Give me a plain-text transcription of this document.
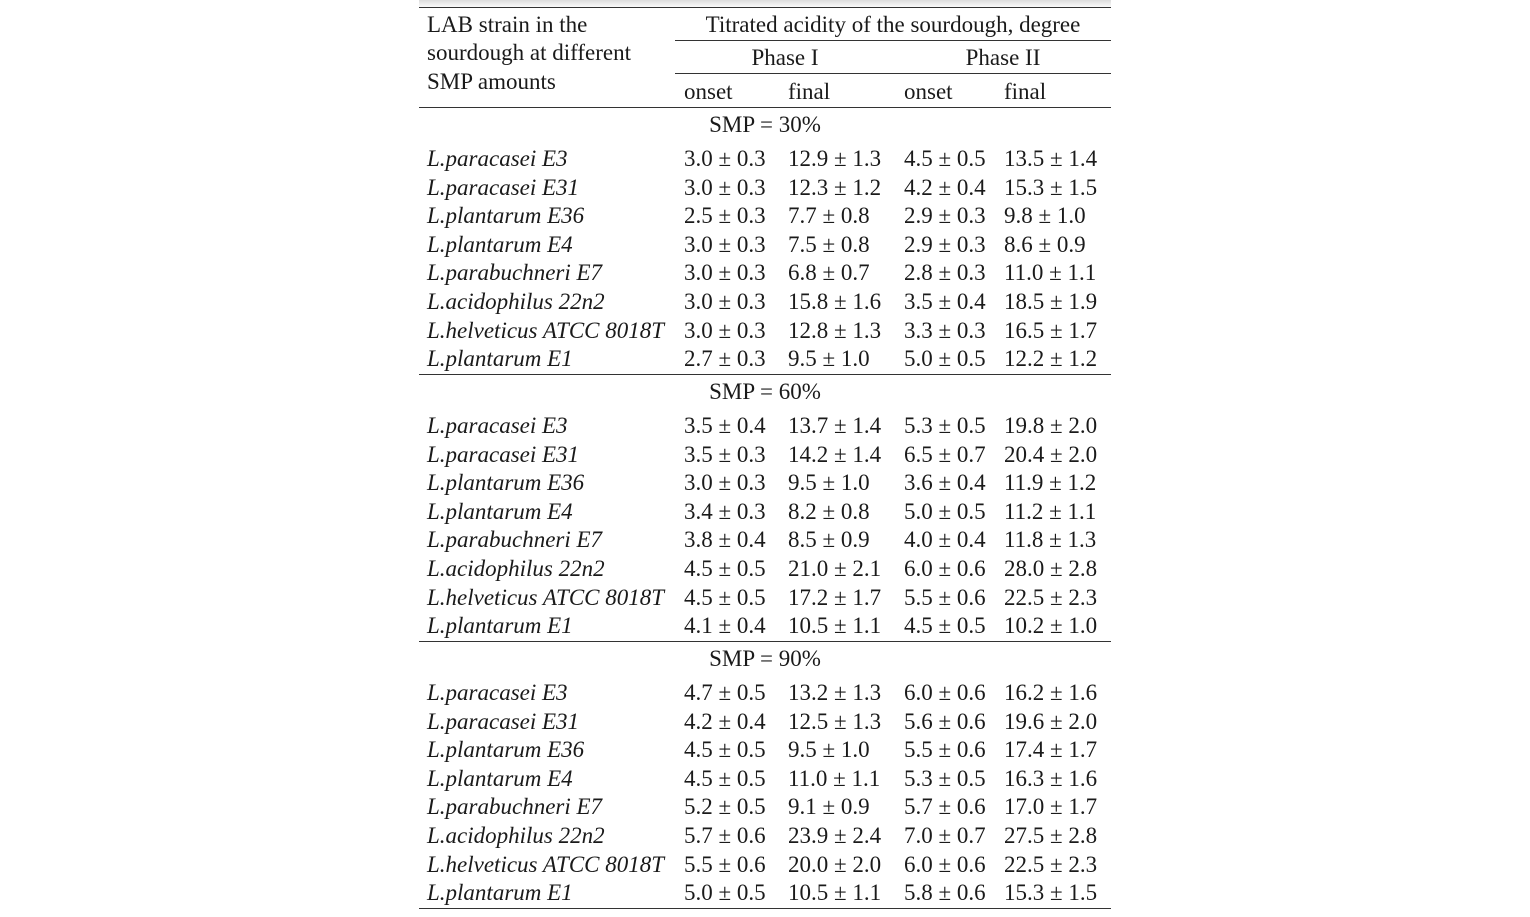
LAB strain in the
sourdough at different
SMP amounts
Titrated acidity of the sourdough, degree
Phase I	Phase II
onset final	onset final
SMP = 30%
L.paracasei E3	3.0 ± 0.3 12.9 ± 1.3 4.5 ± 0.5 13.5 ± 1.4
L.paracasei E31	3.0 ± 0.3 12.3 ± 1.2 4.2 ± 0.4 15.3 ± 1.5
L.plantarum E36	2.5 ± 0.3 7.7 ± 0.8 2.9 ± 0.3 9.8 ± 1.0
L.plantarum E4	3.0 ± 0.3 7.5 ± 0.8 2.9 ± 0.3 8.6 ± 0.9
L.parabuchneri E7	3.0 ± 0.3 6.8 ± 0.7 2.8 ± 0.3 11.0 ± 1.1
L.acidophilus 22n2	3.0 ± 0.3 15.8 ± 1.6 3.5 ± 0.4 18.5 ± 1.9
L.helveticus ATCC 8018T 3.0 ± 0.3 12.8 ± 1.3 3.3 ± 0.3 16.5 ± 1.7
L.plantarum E1	2.7 ± 0.3 9.5 ± 1.0 5.0 ± 0.5 12.2 ± 1.2
SMP = 60%
L.paracasei E3	3.5 ± 0.4 13.7 ± 1.4 5.3 ± 0.5 19.8 ± 2.0
L.paracasei E31	3.5 ± 0.3 14.2 ± 1.4 6.5 ± 0.7 20.4 ± 2.0
L.plantarum E36	3.0 ± 0.3 9.5 ± 1.0 3.6 ± 0.4 11.9 ± 1.2
L.plantarum E4	3.4 ± 0.3 8.2 ± 0.8 5.0 ± 0.5 11.2 ± 1.1
L.parabuchneri E7	3.8 ± 0.4 8.5 ± 0.9 4.0 ± 0.4 11.8 ± 1.3
L.acidophilus 22n2	4.5 ± 0.5 21.0 ± 2.1 6.0 ± 0.6 28.0 ± 2.8
L.helveticus ATCC 8018T 4.5 ± 0.5 17.2 ± 1.7 5.5 ± 0.6 22.5 ± 2.3
L.plantarum E1	4.1 ± 0.4 10.5 ± 1.1 4.5 ± 0.5 10.2 ± 1.0
SMP = 90%
L.paracasei E3	4.7 ± 0.5 13.2 ± 1.3 6.0 ± 0.6 16.2 ± 1.6
L.paracasei E31	4.2 ± 0.4 12.5 ± 1.3 5.6 ± 0.6 19.6 ± 2.0
L.plantarum E36	4.5 ± 0.5 9.5 ± 1.0 5.5 ± 0.6 17.4 ± 1.7
L.plantarum E4	4.5 ± 0.5 11.0 ± 1.1 5.3 ± 0.5 16.3 ± 1.6
L.parabuchneri E7	5.2 ± 0.5 9.1 ± 0.9 5.7 ± 0.6 17.0 ± 1.7
L.acidophilus 22n2	5.7 ± 0.6 23.9 ± 2.4 7.0 ± 0.7 27.5 ± 2.8
L.helveticus ATCC 8018T 5.5 ± 0.6 20.0 ± 2.0 6.0 ± 0.6 22.5 ± 2.3
L.plantarum E1	5.0 ± 0.5 10.5 ± 1.1 5.8 ± 0.6 15.3 ± 1.5
